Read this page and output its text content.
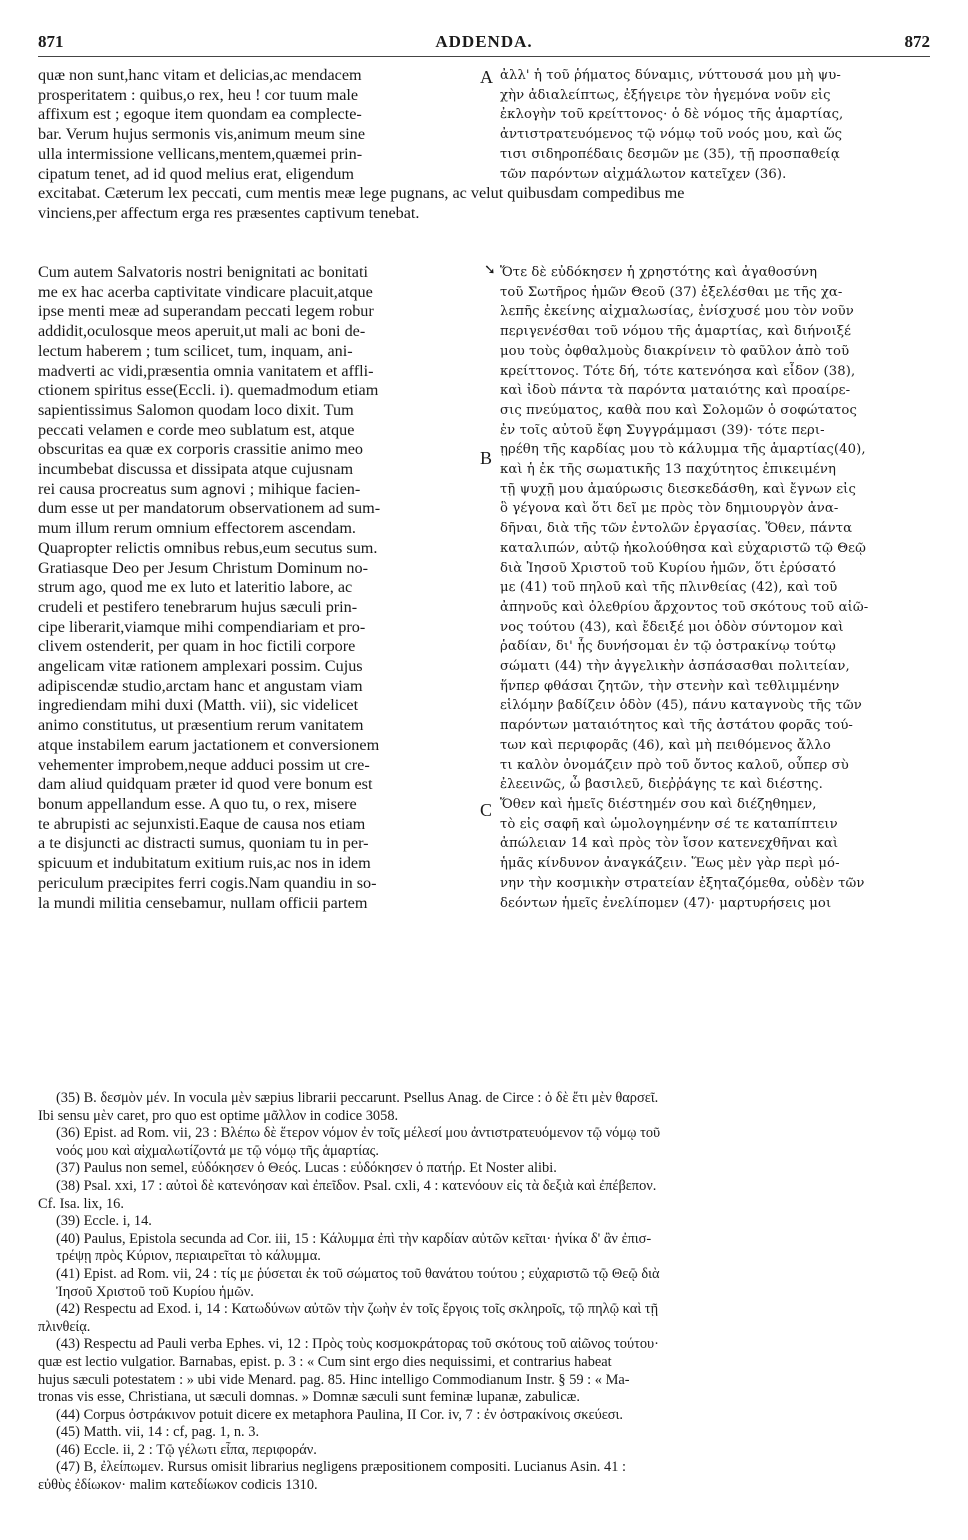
871	ADDENDA.	872
A
B
C
➘
quæ non sunt,hanc vitam et delicias,ac mendacem
prosperitatem : quibus,o rex, heu ! cor tuum male
affixum est ; egoque item quondam ea complecte-
bar. Verum hujus sermonis vis,animum meum sine
ulla intermissione vellicans,mentem,quæmei prin-
cipatum tenet, ad id quod melius erat, eligendum
ἀλλ' ἡ τοῦ ῥήματος δύναμις, νύττουσά μου μὴ ψυ-
χὴν ἀδιαλείπτως, ἐξήγειρε τὸν ἡγεμόνα νοῦν εἰς
ἐκλογὴν τοῦ κρείττονος· ὁ δὲ νόμος τῆς ἁμαρτίας,
ἀντιστρατευόμενος τῷ νόμῳ τοῦ νοός μου, καὶ ὥς
τισι σιδηροπέδαις δεσμῶν με (35), τῇ προσπαθείᾳ
τῶν παρόντων αἰχμάλωτον κατεῖχεν (36).
excitabat. Cæterum lex peccati, cum mentis meæ lege pugnans, ac velut quibusdam compedibus me
vinciens,per affectum erga res præsentes captivum tenebat.
Cum autem Salvatoris nostri benignitati ac bonitati
me ex hac acerba captivitate vindicare placuit,atque
ipse menti meæ ad superandam peccati legem robur
addidit,oculosque meos aperuit,ut mali ac boni de-
lectum haberem ; tum scilicet, tum, inquam, ani-
madverti ac vidi,præsentia omnia vanitatem et affli-
ctionem spiritus esse(Eccli. i). quemadmodum etiam
sapientissimus Salomon quodam loco dixit. Tum
peccati velamen e corde meo sublatum est, atque
obscuritas ea quæ ex corporis crassitie animo meo
incumbebat discussa et dissipata atque cujusnam
rei causa procreatus sum agnovi ; mihique facien-
dum esse ut per mandatorum observationem ad sum-
mum illum rerum omnium effectorem ascendam.
Quapropter relictis omnibus rebus,eum secutus sum.
Gratiasque Deo per Jesum Christum Dominum no-
strum ago, quod me ex luto et lateritio labore, ac
crudeli et pestifero tenebrarum hujus sæculi prin-
cipe liberarit,viamque mihi compendiariam et pro-
clivem ostenderit, per quam in hoc fictili corpore
angelicam vitæ rationem amplexari possim. Cujus
adipiscendæ studio,arctam hanc et angustam viam
ingrediendam mihi duxi (Matth. vii), sic videlicet
animo constitutus, ut præsentium rerum vanitatem
atque instabilem earum jactationem et conversionem
vehementer improbem,neque adduci possim ut cre-
dam aliud quidquam præter id quod vere bonum est
bonum appellandum esse. A quo tu, o rex, misere
te abrupisti ac sejunxisti.Eaque de causa nos etiam
a te disjuncti ac distracti sumus, quoniam tu in per-
spicuum et indubitatum exitium ruis,ac nos in idem
periculum præcipites ferri cogis.Nam quandiu in so-
la mundi militia censebamur, nullam officii partem
Ὅτε δὲ εὐδόκησεν ἡ χρηστότης καὶ ἀγαθοσύνη
τοῦ Σωτῆρος ἡμῶν Θεοῦ (37) ἐξελέσθαι με τῆς χα-
λεπῆς ἐκείνης αἰχμαλωσίας, ἐνίσχυσέ μου τὸν νοῦν
περιγενέσθαι τοῦ νόμου τῆς ἁμαρτίας, καὶ διήνοιξέ
μου τοὺς ὀφθαλμοὺς διακρίνειν τὸ φαῦλον ἀπὸ τοῦ
κρείττονος. Τότε δή, τότε κατενόησα καὶ εἶδον (38),
καὶ ἰδοὺ πάντα τὰ παρόντα ματαιότης καὶ προαίρε-
σις πνεύματος, καθὰ που καὶ Σολομῶν ὁ σοφώτατος
ἐν τοῖς αὐτοῦ ἔφη Συγγράμμασι (39)· τότε περι-
ῃρέθη τῆς καρδίας μου τὸ κάλυμμα τῆς ἁμαρτίας(40),
καὶ ἡ ἐκ τῆς σωματικῆς 13 παχύτητος ἐπικειμένη
τῇ ψυχῇ μου ἀμαύρωσις διεσκεδάσθη, καὶ ἔγνων εἰς
ὃ γέγονα καὶ ὅτι δεῖ με πρὸς τὸν δημιουργὸν ἀνα-
δῆναι, διὰ τῆς τῶν ἐντολῶν ἐργασίας. Ὅθεν, πάντα
καταλιπών, αὐτῷ ἠκολούθησα καὶ εὐχαριστῶ τῷ Θεῷ
διὰ Ἰησοῦ Χριστοῦ τοῦ Κυρίου ἡμῶν, ὅτι ἐρύσατό
με (41) τοῦ πηλοῦ καὶ τῆς πλινθείας (42), καὶ τοῦ
ἀπηνοῦς καὶ ὀλεθρίου ἄρχοντος τοῦ σκότους τοῦ αἰῶ-
νος τούτου (43), καὶ ἔδειξέ μοι ὁδὸν σύντομον καὶ
ῥαδίαν, δι' ἧς δυνήσομαι ἐν τῷ ὀστρακίνῳ τούτῳ
σώματι (44) τὴν ἀγγελικὴν ἀσπάσασθαι πολιτείαν,
ἥνπερ φθάσαι ζητῶν, τὴν στενὴν καὶ τεθλιμμένην
εἱλόμην βαδίζειν ὁδὸν (45), πάνυ καταγνοὺς τῆς τῶν
παρόντων ματαιότητος καὶ τῆς ἀστάτου φορᾶς τού-
των καὶ περιφορᾶς (46), καὶ μὴ πειθόμενος ἄλλο
τι καλὸν ὀνομάζειν πρὸ τοῦ ὄντος καλοῦ, οὗπερ σὺ
ἐλεεινῶς, ὦ βασιλεῦ, διεῤῥάγης τε καὶ διέστης.
Ὅθεν καὶ ἡμεῖς διέστημέν σου καὶ διέζηθημεν,
τὸ εἰς σαφῆ καὶ ὡμολογημένην σέ τε καταπίπτειν
ἀπώλειαν 14 καὶ πρὸς τὸν ἴσον κατενεχθῆναι καὶ
ἡμᾶς κίνδυνον ἀναγκάζειν. Ἕως μὲν γὰρ περὶ μό-
νην τὴν κοσμικὴν στρατείαν ἐξηταζόμεθα, οὐδὲν τῶν
δεόντων ἡμεῖς ἐνελίπομεν (47)· μαρτυρήσεις μοι
(35) B. δεσμὸν μέν. In vocula μὲν sæpius librarii peccarunt. Psellus Anag. de Circe : ὁ δὲ ἔτι μὲν θαρσεῖ.
Ibi sensu μὲν caret, pro quo est optime μᾶλλον in codice 3058.
(36) Epist. ad Rom. vii, 23 : Βλέπω δὲ ἕτερον νόμον ἐν τοῖς μέλεσί μου ἀντιστρατευόμενον τῷ νόμῳ τοῦ
νοός μου καὶ αἰχμαλωτίζοντά με τῷ νόμῳ τῆς ἁμαρτίας.
(37) Paulus non semel, εὐδόκησεν ὁ Θεός. Lucas : εὐδόκησεν ὁ πατήρ. Et Noster alibi.
(38) Psal. xxi, 17 : αὐτοὶ δὲ κατενόησαν καὶ ἐπεῖδον. Psal. cxli, 4 : κατενόουν εἰς τὰ δεξιὰ καὶ ἐπέβεπον.
Cf. Isa. lix, 16.
(39) Eccle. i, 14.
(40) Paulus, Epistola secunda ad Cor. iii, 15 : Κάλυμμα ἐπὶ τὴν καρδίαν αὐτῶν κεῖται· ἡνίκα δ' ἂν ἐπισ-
τρέψῃ πρὸς Κύριον, περιαιρεῖται τὸ κάλυμμα.
(41) Epist. ad Rom. vii, 24 : τίς με ῥύσεται ἐκ τοῦ σώματος τοῦ θανάτου τούτου ; εὐχαριστῶ τῷ Θεῷ διὰ
Ἰησοῦ Χριστοῦ τοῦ Κυρίου ἡμῶν.
(42) Respectu ad Exod. i, 14 : Κατωδύνων αὐτῶν τὴν ζωὴν ἐν τοῖς ἔργοις τοῖς σκληροῖς, τῷ πηλῷ καὶ τῇ
πλινθείᾳ.
(43) Respectu ad Pauli verba Ephes. vi, 12 : Πρὸς τοὺς κοσμοκράτορας τοῦ σκότους τοῦ αἰῶνος τούτου·
quæ est lectio vulgatior. Barnabas, epist. p. 3 : « Cum sint ergo dies nequissimi, et contrarius habeat
hujus sæculi potestatem : » ubi vide Menard. pag. 85. Hinc intelligo Commodianum Instr. § 59 : « Ma-
tronas vis esse, Christiana, ut sæculi domnas. » Domnæ sæculi sunt feminæ lupanæ, zabulicæ.
(44) Corpus ὀστράκινον potuit dicere ex metaphora Paulina, II Cor. iv, 7 : ἐν ὀστρακίνοις σκεύεσι.
(45) Matth. vii, 14 : cf, pag. 1, n. 3.
(46) Eccle. ii, 2 : Τῷ γέλωτι εἶπα, περιφοράν.
(47) B, ἐλείπωμεν. Rursus omisit librarius negligens præpositionem compositi. Lucianus Asin. 41 :
εὐθὺς ἐδίωκον· malim κατεδίωκον codicis 1310.
